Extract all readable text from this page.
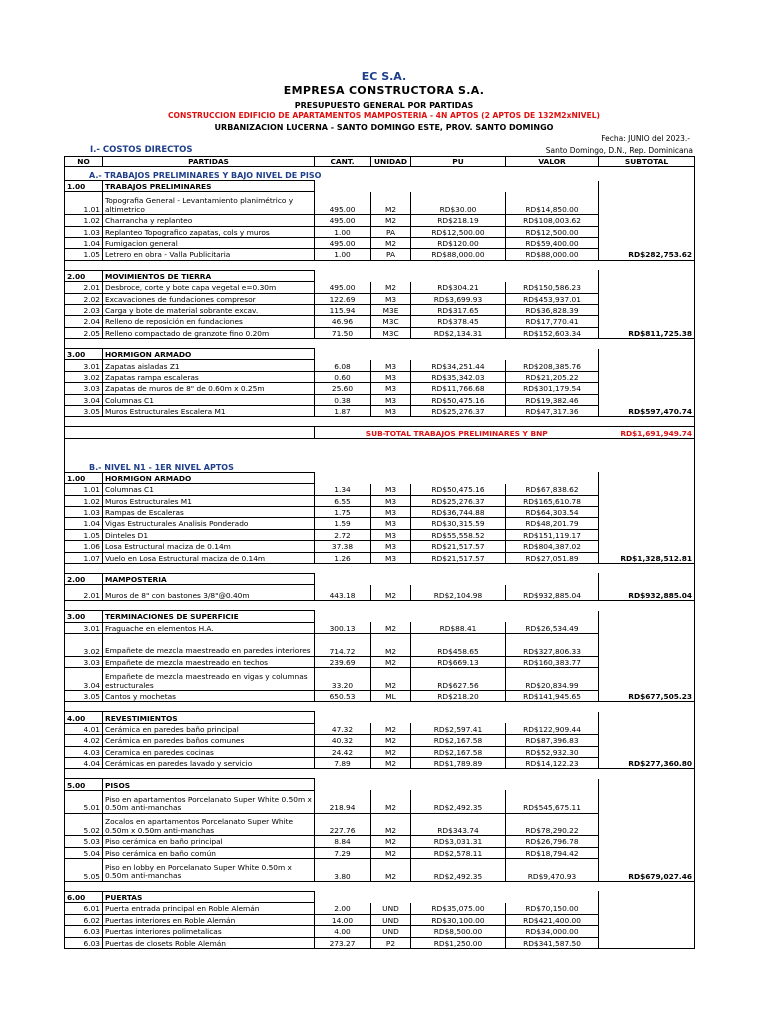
EC S.A.
EMPRESA CONSTRUCTORA S.A.
PRESUPUESTO GENERAL POR PARTIDAS
CONSTRUCCION EDIFICIO DE APARTAMENTOS MAMPOSTERIA - 4N APTOS (2 APTOS DE 132M2xNIVEL)
URBANIZACION LUCERNA - SANTO DOMINGO ESTE, PROV. SANTO DOMINGO
Fecha: JUNIO del 2023.-
Santo Domingo, D.N., Rep. Dominicana
I.- COSTOS DIRECTOS
NO	PARTIDAS	CANT.	UNIDAD	PU	VALOR	SUBTOTAL
A.- TRABAJOS PRELIMINARES Y BAJO NIVEL DE PISO						
1.00	TRABAJOS PRELIMINARES					
1.01	Topografia General - Levantamiento planimétrico y altimetrico	495.00	M2	RD$30.00	RD$14,850.00	
1.02	Charrancha y replanteo	495.00	M2	RD$218.19	RD$108,003.62	
1.03	Replanteo Topografico zapatas, cols y muros	1.00	PA	RD$12,500.00	RD$12,500.00	
1.04	Fumigacion general	495.00	M2	RD$120.00	RD$59,400.00	
1.05	Letrero en obra - Valla Publicitaria	1.00	PA	RD$88,000.00	RD$88,000.00	RD$282,753.62

2.00	MOVIMIENTOS DE TIERRA					
2.01	Desbroce, corte y bote capa vegetal e=0.30m	495.00	M2	RD$304.21	RD$150,586.23	
2.02	Excavaciones de fundaciones compresor	122.69	M3	RD$3,699.93	RD$453,937.01	
2.03	Carga y bote de material sobrante excav.	115.94	M3E	RD$317.65	RD$36,828.39	
2.04	Relleno de reposición en fundaciones	46.96	M3C	RD$378.45	RD$17,770.41	
2.05	Relleno compactado de granzote fino 0.20m	71.50	M3C	RD$2,134.31	RD$152,603.34	RD$811,725.38

3.00	HORMIGON ARMADO					
3.01	Zapatas aisladas Z1	6.08	M3	RD$34,251.44	RD$208,385.76	
3.02	Zapatas rampa escaleras	0.60	M3	RD$35,342.03	RD$21,205.22	
3.03	Zapatas de muros de 8" de 0.60m x 0.25m	25.60	M3	RD$11,766.68	RD$301,179.54	
3.04	Columnas C1	0.38	M3	RD$50,475.16	RD$19,382.46	
3.05	Muros Estructurales Escalera M1	1.87	M3	RD$25,276.37	RD$47,317.36	RD$597,470.74

		SUB-TOTAL TRABAJOS PRELIMINARES Y BNP				RD$1,691,949.74

B.- NIVEL N1 - 1ER NIVEL APTOS						
1.00	HORMIGON ARMADO					
1.01	Columnas C1	1.34	M3	RD$50,475.16	RD$67,838.62	
1.02	Muros Estructurales M1	6.55	M3	RD$25,276.37	RD$165,610.78	
1.03	Rampas de Escaleras	1.75	M3	RD$36,744.88	RD$64,303.54	
1.04	Vigas Estructurales Analisis Ponderado	1.59	M3	RD$30,315.59	RD$48,201.79	
1.05	Dinteles D1	2.72	M3	RD$55,558.52	RD$151,119.17	
1.06	Losa Estructural maciza de 0.14m	37.38	M3	RD$21,517.57	RD$804,387.02	
1.07	Vuelo en Losa Estructural maciza de 0.14m	1.26	M3	RD$21,517.57	RD$27,051.89	RD$1,328,512.81

2.00	MAMPOSTERIA					
2.01	Muros de 8" con bastones 3/8"@0.40m	443.18	M2	RD$2,104.98	RD$932,885.04	RD$932,885.04

3.00	TERMINACIONES DE SUPERFICIE					
3.01	Fraguache en elementos H.A.	300.13	M2	RD$88.41	RD$26,534.49	
3.02	Empañete de mezcla maestreado en paredes interiores	714.72	M2	RD$458.65	RD$327,806.33	
3.03	Empañete de mezcla maestreado en techos	239.69	M2	RD$669.13	RD$160,383.77	
3.04	Empañete de mezcla maestreado en vigas y columnas estructurales	33.20	M2	RD$627.56	RD$20,834.99	
3.05	Cantos y mochetas	650.53	ML	RD$218.20	RD$141,945.65	RD$677,505.23

4.00	REVESTIMIENTOS					
4.01	Cerámica en paredes baño principal	47.32	M2	RD$2,597.41	RD$122,909.44	
4.02	Cerámica en paredes baños comunes	40.32	M2	RD$2,167.58	RD$87,396.83	
4.03	Ceramica en paredes cocinas	24.42	M2	RD$2,167.58	RD$52,932.30	
4.04	Cerámicas en paredes lavado y servicio	7.89	M2	RD$1,789.89	RD$14,122.23	RD$277,360.80

5.00	PISOS					
5.01	Piso en apartamentos Porcelanato Super White 0.50m x 0.50m anti-manchas	218.94	M2	RD$2,492.35	RD$545,675.11	
5.02	Zocalos en apartamentos Porcelanato Super White 0.50m x 0.50m anti-manchas	227.76	M2	RD$343.74	RD$78,290.22	
5.03	Piso cerámica en baño principal	8.84	M2	RD$3,031.31	RD$26,796.78	
5.04	Piso cerámica en baño común	7.29	M2	RD$2,578.11	RD$18,794.42	
5.05	Piso en lobby en Porcelanato Super White 0.50m x 0.50m anti-manchas	3.80	M2	RD$2,492.35	RD$9,470.93	RD$679,027.46

6.00	PUERTAS					
6.01	Puerta entrada principal en Roble Alemán	2.00	UND	RD$35,075.00	RD$70,150.00	
6.02	Puertas interiores en Roble Alemán	14.00	UND	RD$30,100.00	RD$421,400.00	
6.03	Puertas interiores polimetalicas	4.00	UND	RD$8,500.00	RD$34,000.00	
6.03	Puertas de closets Roble Alemán	273.27	P2	RD$1,250.00	RD$341,587.50	
